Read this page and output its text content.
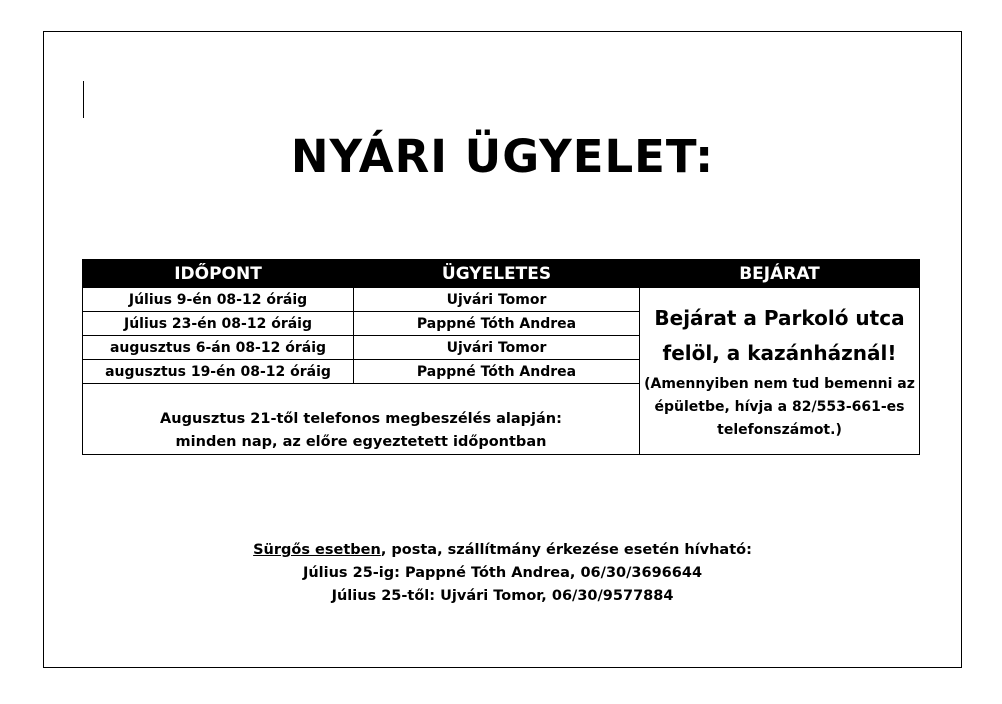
NYÁRI ÜGYELET:
IDŐPONT	ÜGYELETES	BEJÁRAT
Július 9-én 08-12 óráig	Ujvári Tomor	Bejárat a Parkoló utca felöl, a kazánháznál!
(Amennyiben nem tud bemenni az épületbe, hívja a 82/553-661-es telefonszámot.)

Július 23-én 08-12 óráig	Pappné Tóth Andrea	
augusztus 6-án 08-12 óráig	Ujvári Tomor	
augusztus 19-én 08-12 óráig	Pappné Tóth Andrea	

Augusztus 21-től telefonos megbeszélés alapján:
minden nap, az előre egyeztetett időpontban		
Sürgős esetben, posta, szállítmány érkezése esetén hívható:
Július 25-ig: Pappné Tóth Andrea, 06/30/3696644
Július 25-től: Ujvári Tomor, 06/30/9577884
